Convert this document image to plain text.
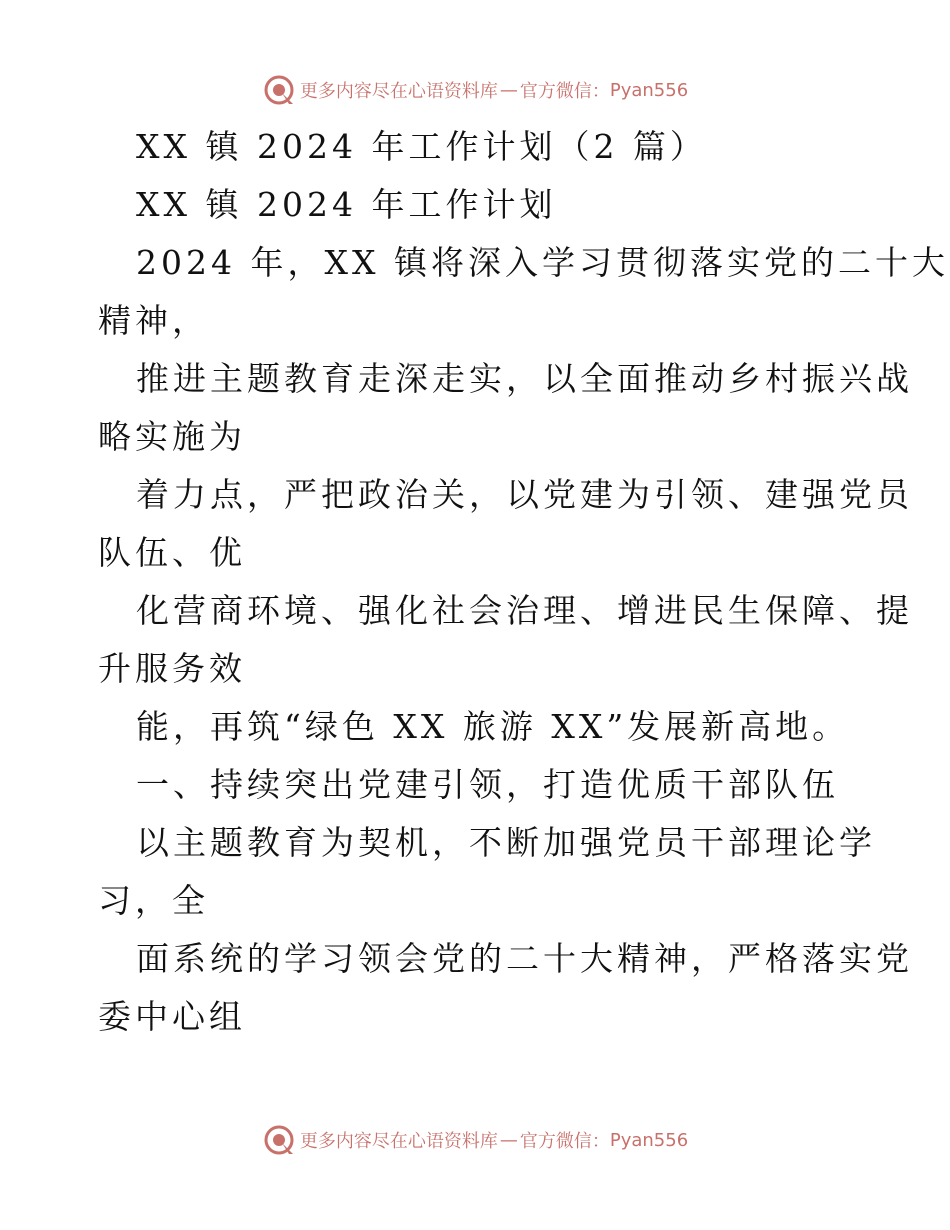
更多内容尽在心语资料库 — 官方微信： Pyan556
XX 镇 2024 年工作计划（2 篇）
XX 镇 2024 年工作计划
2024 年，XX 镇将深入学习贯彻落实党的二十大
精神，
推进主题教育走深走实，以全面推动乡村振兴战
略实施为
着力点，严把政治关，以党建为引领、建强党员
队伍、优
化营商环境、强化社会治理、增进民生保障、提
升服务效
能，再筑“绿色 XX 旅游 XX”发展新高地。
一、持续突出党建引领，打造优质干部队伍
以主题教育为契机，不断加强党员干部理论学
习，全
面系统的学习领会党的二十大精神，严格落实党
委中心组
更多内容尽在心语资料库 — 官方微信： Pyan556
